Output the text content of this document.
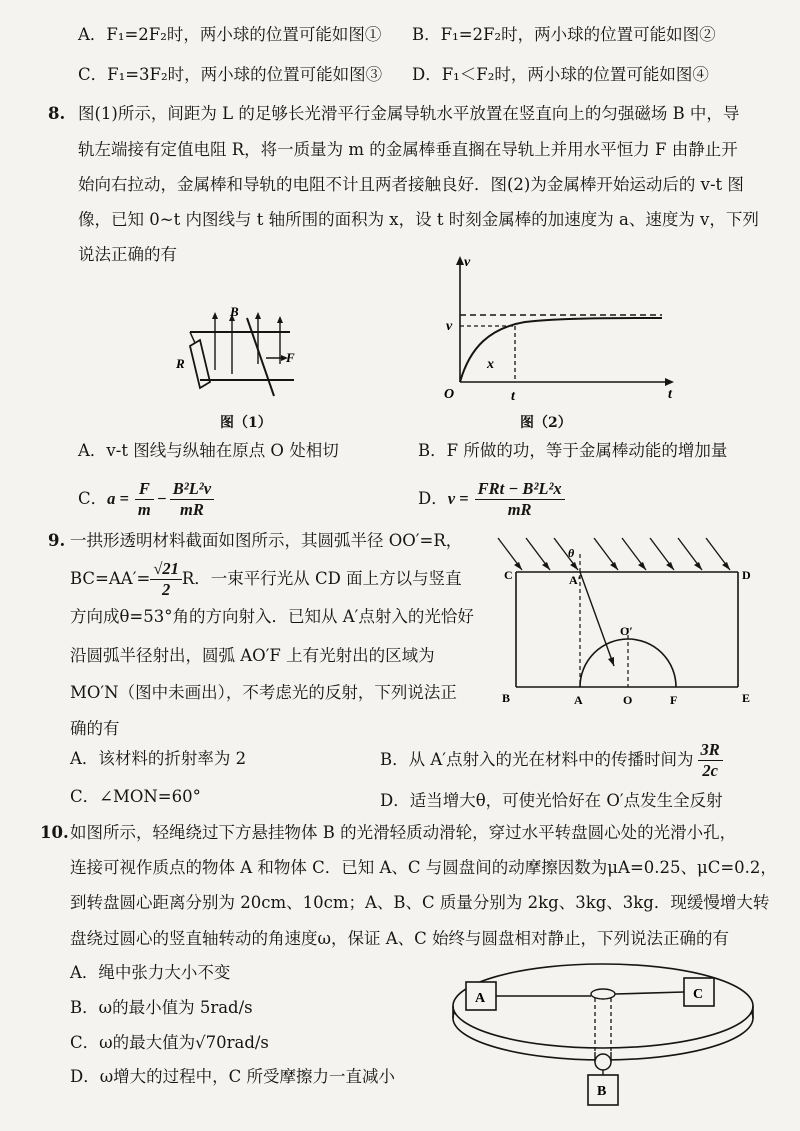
A．F₁=2F₂时，两小球的位置可能如图① B．F₁=2F₂时，两小球的位置可能如图②
C．F₁=3F₂时，两小球的位置可能如图③ D．F₁＜F₂时，两小球的位置可能如图④
8. 图(1)所示，间距为 L 的足够长光滑平行金属导轨水平放置在竖直向上的匀强磁场 B 中，导
轨左端接有定值电阻 R，将一质量为 m 的金属棒垂直搁在导轨上并用水平恒力 F 由静止开
始向右拉动，金属棒和导轨的电阻不计且两者接触良好．图(2)为金属棒开始运动后的 v-t 图
像，已知 0~t 内图线与 t 轴所围的面积为 x，设 t 时刻金属棒的加速度为 a、速度为 v，下列
说法正确的有
B
R	F
图（1）
v
t
O
v
t
x
图（2）
A．v-t 图线与纵轴在原点 O 处相切	B．F 所做的功，等于金属棒动能的增加量
C． $a = \frac{F}{m} - \frac{\text{B²L²v}}{mR}$	D． $v = \frac{\text{FRt − B²L²x}}{mR}$
9. 一拱形透明材料截面如图所示，其圆弧半径 OO′=R，
$BC=AA'= \frac{√21}{2}$ R．一束平行光从 CD 面上方以与竖直
方向成θ=53°角的方向射入．已知从 A′点射入的光恰好
沿圆弧半径射出，圆弧 AO′F 上有光射出的区域为
MO′N（图中未画出），不考虑光的反射，下列说法正
确的有
C	D
A′
θ
O′
B	A	O	F	E
A．该材料的折射率为 2	B．从 A′点射入的光在材料中的传播时间为 $\frac{3R}{2c}$
C．∠MON=60°	D．适当增大θ，可使光恰好在 O′点发生全反射
10. 如图所示，轻绳绕过下方悬挂物体 B 的光滑轻质动滑轮，穿过水平转盘圆心处的光滑小孔，
连接可视作质点的物体 A 和物体 C．已知 A、C 与圆盘间的动摩擦因数为μA=0.25、μC=0.2，
到转盘圆心距离分别为 20cm、10cm；A、B、C 质量分别为 2kg、3kg、3kg．现缓慢增大转
盘绕过圆心的竖直轴转动的角速度ω，保证 A、C 始终与圆盘相对静止，下列说法正确的有
A．绳中张力大小不变
B．ω的最小值为 5rad/s
C．ω的最大值为√70rad/s
D．ω增大的过程中，C 所受摩擦力一直减小
A	C
B
